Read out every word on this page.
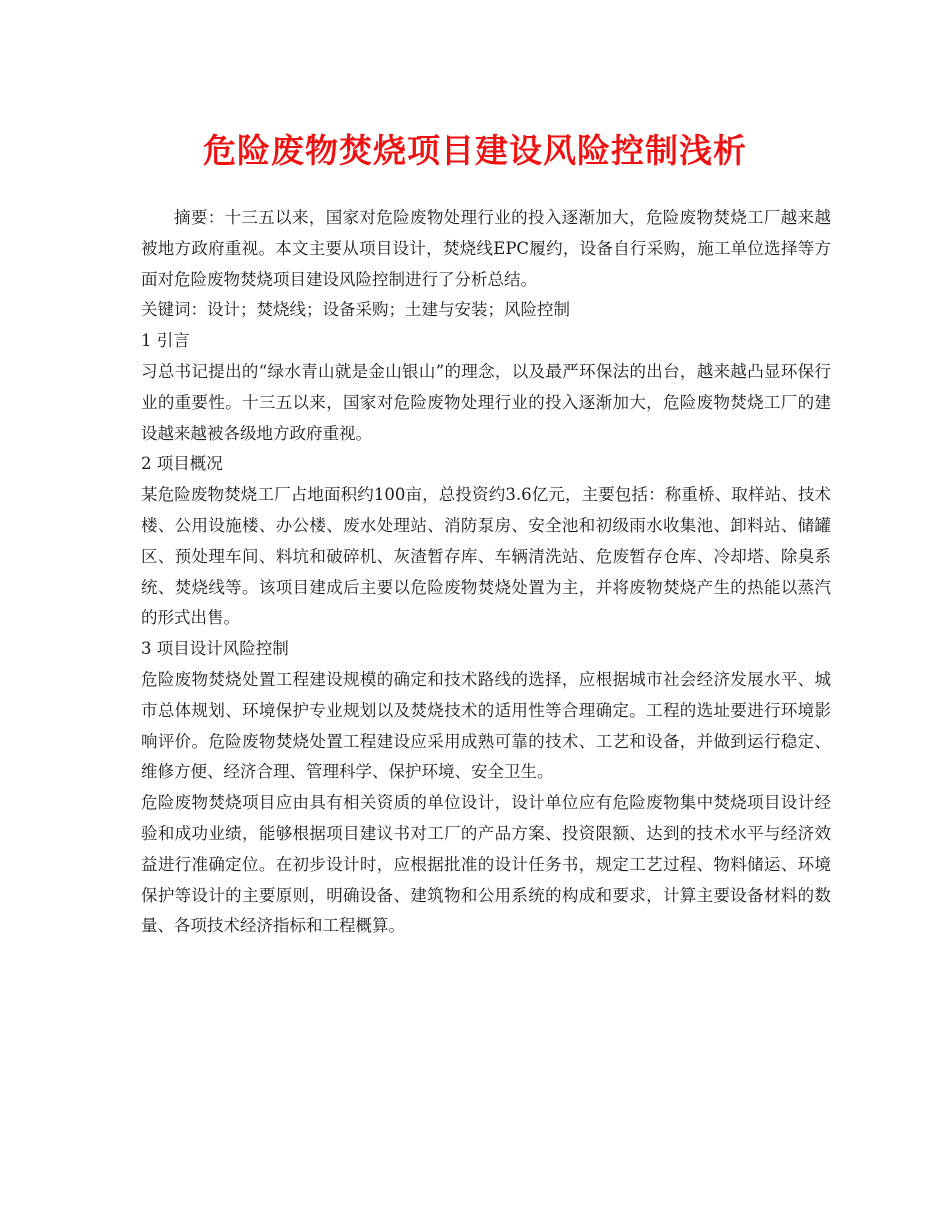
危险废物焚烧项目建设风险控制浅析

摘要：十三五以来，国家对危险废物处理行业的投入逐渐加大，危险废物焚烧工厂越来越被地方政府重视。本文主要从项目设计，焚烧线EPC履约，设备自行采购，施工单位选择等方面对危险废物焚烧项目建设风险控制进行了分析总结。

关键词：设计；焚烧线；设备采购；土建与安装；风险控制

1 引言

习总书记提出的“绿水青山就是金山银山”的理念，以及最严环保法的出台，越来越凸显环保行业的重要性。十三五以来，国家对危险废物处理行业的投入逐渐加大，危险废物焚烧工厂的建设越来越被各级地方政府重视。

2 项目概况

某危险废物焚烧工厂占地面积约100亩，总投资约3.6亿元，主要包括：称重桥、取样站、技术楼、公用设施楼、办公楼、废水处理站、消防泵房、安全池和初级雨水收集池、卸料站、储罐区、预处理车间、料坑和破碎机、灰渣暂存库、车辆清洗站、危废暂存仓库、冷却塔、除臭系统、焚烧线等。该项目建成后主要以危险废物焚烧处置为主，并将废物焚烧产生的热能以蒸汽的形式出售。

3 项目设计风险控制

危险废物焚烧处置工程建设规模的确定和技术路线的选择，应根据城市社会经济发展水平、城市总体规划、环境保护专业规划以及焚烧技术的适用性等合理确定。工程的选址要进行环境影响评价。危险废物焚烧处置工程建设应采用成熟可靠的技术、工艺和设备，并做到运行稳定、维修方便、经济合理、管理科学、保护环境、安全卫生。

危险废物焚烧项目应由具有相关资质的单位设计，设计单位应有危险废物集中焚烧项目设计经验和成功业绩，能够根据项目建议书对工厂的产品方案、投资限额、达到的技术水平与经济效益进行准确定位。在初步设计时，应根据批准的设计任务书，规定工艺过程、物料储运、环境保护等设计的主要原则，明确设备、建筑物和公用系统的构成和要求，计算主要设备材料的数量、各项技术经济指标和工程概算。
